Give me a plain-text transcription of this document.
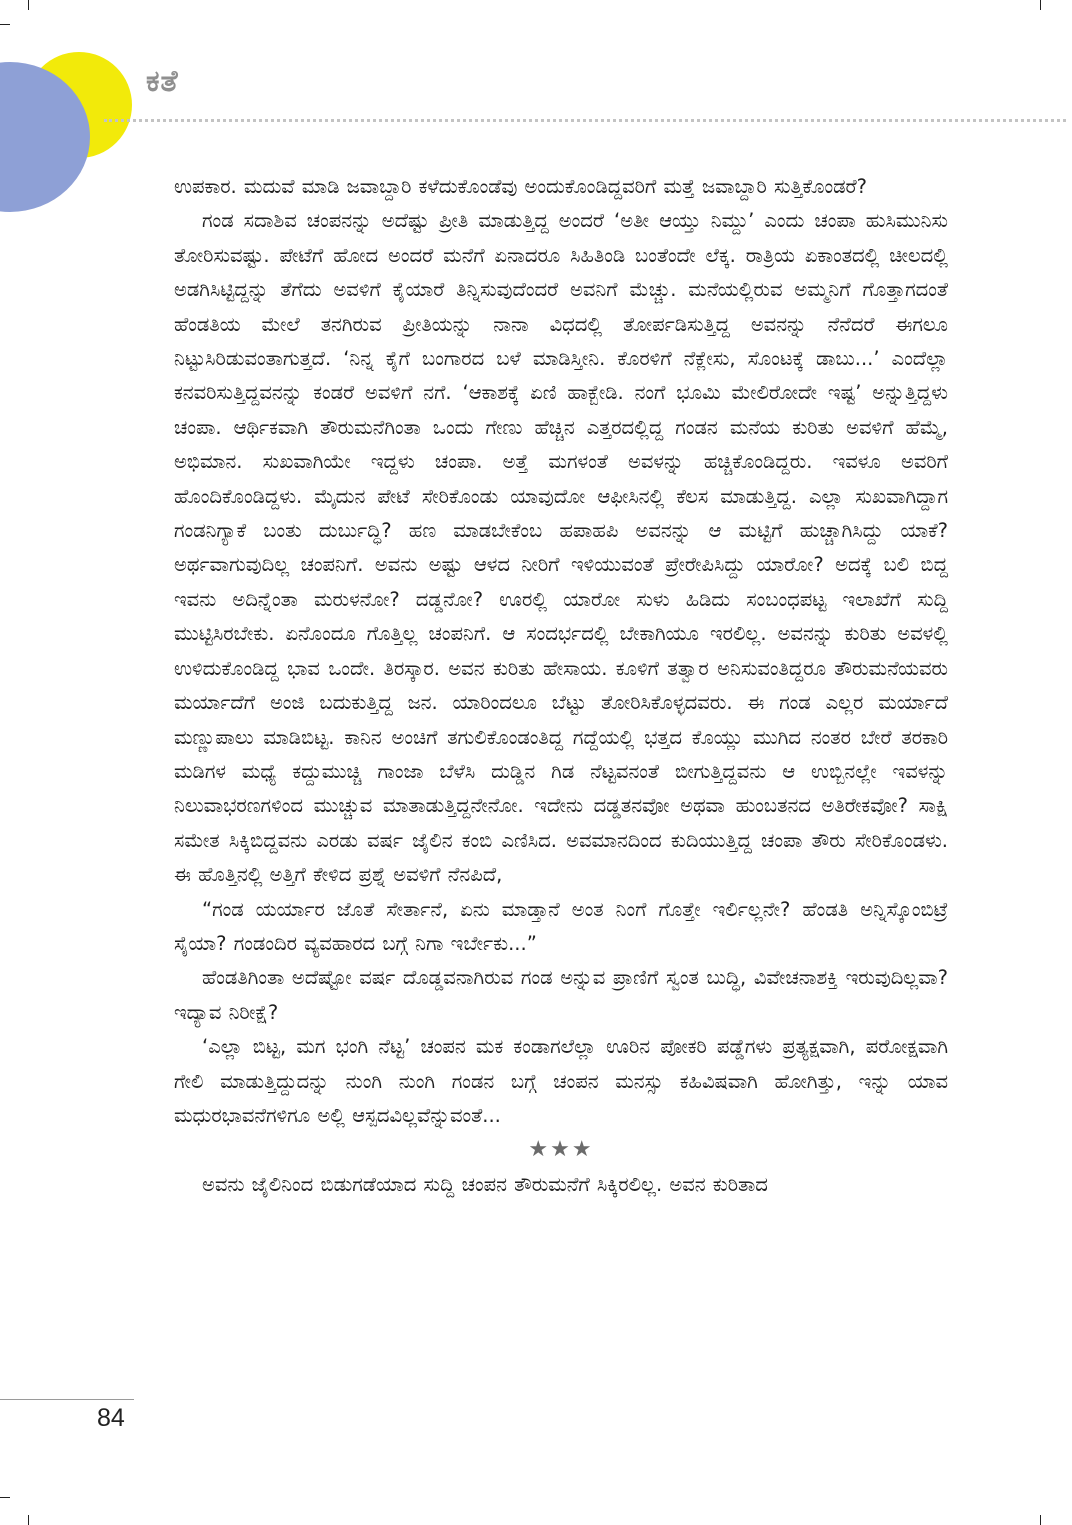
ಕತೆ

ಉಪಕಾರ. ಮದುವೆ ಮಾಡಿ ಜವಾಬ್ದಾರಿ ಕಳೆದುಕೊಂಡೆವು ಅಂದುಕೊಂಡಿದ್ದವರಿಗೆ ಮತ್ತೆ ಜವಾಬ್ದಾರಿ ಸುತ್ತಿಕೊಂಡರೆ?

ಗಂಡ ಸದಾಶಿವ ಚಂಪನನ್ನು ಅದೆಷ್ಟು ಪ್ರೀತಿ ಮಾಡುತ್ತಿದ್ದ ಅಂದರೆ ‘ಅತೀ ಆಯ್ತು ನಿಮ್ದು’ ಎಂದು ಚಂಪಾ ಹುಸಿಮುನಿಸು ತೋರಿಸುವಷ್ಟು. ಪೇಟೆಗೆ ಹೋದ ಅಂದರೆ ಮನೆಗೆ ಏನಾದರೂ ಸಿಹಿತಿಂಡಿ ಬಂತೆಂದೇ ಲೆಕ್ಕ. ರಾತ್ರಿಯ ಏಕಾಂತದಲ್ಲಿ ಚೀಲದಲ್ಲಿ ಅಡಗಿಸಿಟ್ಟಿದ್ದನ್ನು ತೆಗೆದು ಅವಳಿಗೆ ಕೈಯಾರೆ ತಿನ್ನಿಸುವುದೆಂದರೆ ಅವನಿಗೆ ಮೆಚ್ಚು. ಮನೆಯಲ್ಲಿರುವ ಅಮ್ಮನಿಗೆ ಗೊತ್ತಾಗದಂತೆ ಹೆಂಡತಿಯ ಮೇಲೆ ತನಗಿರುವ ಪ್ರೀತಿಯನ್ನು ನಾನಾ ವಿಧದಲ್ಲಿ ತೋರ್ಪಡಿಸುತ್ತಿದ್ದ ಅವನನ್ನು ನೆನೆದರೆ ಈಗಲೂ ನಿಟ್ಟುಸಿರಿಡುವಂತಾಗುತ್ತದೆ. ‘ನಿನ್ನ ಕೈಗೆ ಬಂಗಾರದ ಬಳೆ ಮಾಡಿಸ್ತೀನಿ. ಕೊರಳಿಗೆ ನೆಕ್ಲೇಸು, ಸೊಂಟಕ್ಕೆ ಡಾಬು...’ ಎಂದೆಲ್ಲಾ ಕನವರಿಸುತ್ತಿದ್ದವನನ್ನು ಕಂಡರೆ ಅವಳಿಗೆ ನಗೆ. ‘ಆಕಾಶಕ್ಕೆ ಏಣಿ ಹಾಕ್ಬೇಡಿ. ನಂಗೆ ಭೂಮಿ ಮೇಲಿರೋದೇ ಇಷ್ಟ’ ಅನ್ನುತ್ತಿದ್ದಳು ಚಂಪಾ. ಆರ್ಥಿಕವಾಗಿ ತೌರುಮನೆಗಿಂತಾ ಒಂದು ಗೇಣು ಹೆಚ್ಚಿನ ಎತ್ತರದಲ್ಲಿದ್ದ ಗಂಡನ ಮನೆಯ ಕುರಿತು ಅವಳಿಗೆ ಹೆಮ್ಮೆ, ಅಭಿಮಾನ. ಸುಖವಾಗಿಯೇ ಇದ್ದಳು ಚಂಪಾ. ಅತ್ತೆ ಮಗಳಂತೆ ಅವಳನ್ನು ಹಚ್ಚಿಕೊಂಡಿದ್ದರು. ಇವಳೂ ಅವರಿಗೆ ಹೊಂದಿಕೊಂಡಿದ್ದಳು. ಮೈದುನ ಪೇಟೆ ಸೇರಿಕೊಂಡು ಯಾವುದೋ ಆಫೀಸಿನಲ್ಲಿ ಕೆಲಸ ಮಾಡುತ್ತಿದ್ದ. ಎಲ್ಲಾ ಸುಖವಾಗಿದ್ದಾಗ ಗಂಡನಿಗ್ಯಾಕೆ ಬಂತು ದುರ್ಬುದ್ಧಿ? ಹಣ ಮಾಡಬೇಕೆಂಬ ಹಪಾಹಪಿ ಅವನನ್ನು ಆ ಮಟ್ಟಿಗೆ ಹುಚ್ಚಾಗಿಸಿದ್ದು ಯಾಕೆ? ಅರ್ಥವಾಗುವುದಿಲ್ಲ ಚಂಪನಿಗೆ. ಅವನು ಅಷ್ಟು ಆಳದ ನೀರಿಗೆ ಇಳಿಯುವಂತೆ ಪ್ರೇರೇಪಿಸಿದ್ದು ಯಾರೋ? ಅದಕ್ಕೆ ಬಲಿ ಬಿದ್ದ ಇವನು ಅದಿನ್ನೆಂತಾ ಮರುಳನೋ? ದಡ್ಡನೋ? ಊರಲ್ಲಿ ಯಾರೋ ಸುಳು ಹಿಡಿದು ಸಂಬಂಧಪಟ್ಟ ಇಲಾಖೆಗೆ ಸುದ್ದಿ ಮುಟ್ಟಿಸಿರಬೇಕು. ಏನೊಂದೂ ಗೊತ್ತಿಲ್ಲ ಚಂಪನಿಗೆ. ಆ ಸಂದರ್ಭದಲ್ಲಿ ಬೇಕಾಗಿಯೂ ಇರಲಿಲ್ಲ. ಅವನನ್ನು ಕುರಿತು ಅವಳಲ್ಲಿ ಉಳಿದುಕೊಂಡಿದ್ದ ಭಾವ ಒಂದೇ. ತಿರಸ್ಕಾರ. ಅವನ ಕುರಿತು ಹೇಸಾಯ. ಕೂಳಿಗೆ ತತ್ವಾರ ಅನಿಸುವಂತಿದ್ದರೂ ತೌರುಮನೆಯವರು ಮರ್ಯಾದೆಗೆ ಅಂಜಿ ಬದುಕುತ್ತಿದ್ದ ಜನ. ಯಾರಿಂದಲೂ ಬೆಟ್ಟು ತೋರಿಸಿಕೊಳ್ಳದವರು. ಈ ಗಂಡ ಎಲ್ಲರ ಮರ್ಯಾದೆ ಮಣ್ಣುಪಾಲು ಮಾಡಿಬಿಟ್ಟ. ಕಾನಿನ ಅಂಚಿಗೆ ತಗುಲಿಕೊಂಡಂತಿದ್ದ ಗದ್ದೆಯಲ್ಲಿ ಭತ್ತದ ಕೊಯ್ಲು ಮುಗಿದ ನಂತರ ಬೇರೆ ತರಕಾರಿ ಮಡಿಗಳ ಮಧ್ಯೆ ಕದ್ದುಮುಚ್ಚಿ ಗಾಂಜಾ ಬೆಳೆಸಿ ದುಡ್ಡಿನ ಗಿಡ ನೆಟ್ಟವನಂತೆ ಬೀಗುತ್ತಿದ್ದವನು ಆ ಉಬ್ಬಿನಲ್ಲೇ ಇವಳನ್ನು ನಿಲುವಾಭರಣಗಳಿಂದ ಮುಚ್ಚುವ ಮಾತಾಡುತ್ತಿದ್ದನೇನೋ. ಇದೇನು ದಡ್ಡತನವೋ ಅಥವಾ ಹುಂಬತನದ ಅತಿರೇಕವೋ? ಸಾಕ್ಷಿ ಸಮೇತ ಸಿಕ್ಕಿಬಿದ್ದವನು ಎರಡು ವರ್ಷ ಜೈಲಿನ ಕಂಬಿ ಎಣಿಸಿದ. ಅವಮಾನದಿಂದ ಕುದಿಯುತ್ತಿದ್ದ ಚಂಪಾ ತೌರು ಸೇರಿಕೊಂಡಳು. ಈ ಹೊತ್ತಿನಲ್ಲಿ ಅತ್ತಿಗೆ ಕೇಳಿದ ಪ್ರಶ್ನೆ ಅವಳಿಗೆ ನೆನಪಿದೆ,

“ಗಂಡ ಯರ್ಯಾರ ಜೊತೆ ಸೇರ್ತಾನೆ, ಏನು ಮಾಡ್ತಾನೆ ಅಂತ ನಿಂಗೆ ಗೊತ್ತೇ ಇರ್ಲಿಲ್ಲನೇ? ಹೆಂಡತಿ ಅನ್ನಿಸ್ಕೊಂಬಿಟ್ರೆ ಸೈಯಾ? ಗಂಡಂದಿರ ವ್ಯವಹಾರದ ಬಗ್ಗೆ ನಿಗಾ ಇರ್ಬೇಕು...”

ಹೆಂಡತಿಗಿಂತಾ ಅದೆಷ್ಟೋ ವರ್ಷ ದೊಡ್ಡವನಾಗಿರುವ ಗಂಡ ಅನ್ನುವ ಪ್ರಾಣಿಗೆ ಸ್ವಂತ ಬುದ್ಧಿ, ವಿವೇಚನಾಶಕ್ತಿ ಇರುವುದಿಲ್ಲವಾ? ಇದ್ಯಾವ ನಿರೀಕ್ಷೆ?

‘ಎಲ್ಲಾ ಬಿಟ್ಟ, ಮಗ ಭಂಗಿ ನೆಟ್ಟ’ ಚಂಪನ ಮಕ ಕಂಡಾಗಲೆಲ್ಲಾ ಊರಿನ ಪೋಕರಿ ಪಡ್ಡೆಗಳು ಪ್ರತ್ಯಕ್ಷವಾಗಿ, ಪರೋಕ್ಷವಾಗಿ ಗೇಲಿ ಮಾಡುತ್ತಿದ್ದುದನ್ನು ನುಂಗಿ ನುಂಗಿ ಗಂಡನ ಬಗ್ಗೆ ಚಂಪನ ಮನಸ್ಸು ಕಹಿವಿಷವಾಗಿ ಹೋಗಿತ್ತು, ಇನ್ನು ಯಾವ ಮಧುರಭಾವನೆಗಳಿಗೂ ಅಲ್ಲಿ ಆಸ್ಪದವಿಲ್ಲವೆನ್ನುವಂತೆ...

★★★

ಅವನು ಜೈಲಿನಿಂದ ಬಿಡುಗಡೆಯಾದ ಸುದ್ದಿ ಚಂಪನ ತೌರುಮನೆಗೆ ಸಿಕ್ಕಿರಲಿಲ್ಲ. ಅವನ ಕುರಿತಾದ

84
